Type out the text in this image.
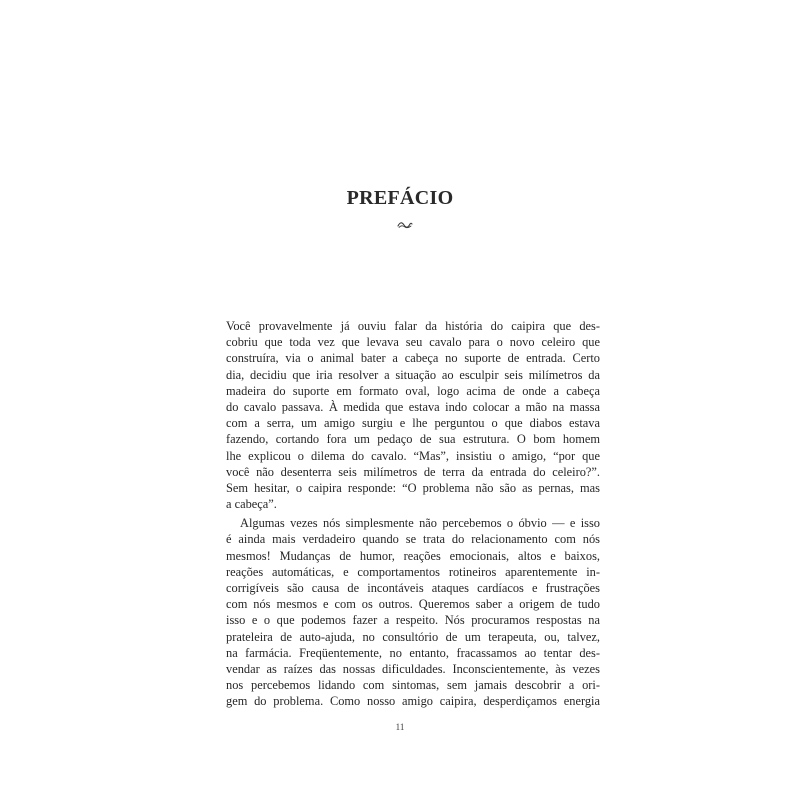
PREFÁCIO

Você provavelmente já ouviu falar da história do caipira que des-
cobriu que toda vez que levava seu cavalo para o novo celeiro que
construíra, via o animal bater a cabeça no suporte de entrada. Certo
dia, decidiu que iria resolver a situação ao esculpir seis milímetros da
madeira do suporte em formato oval, logo acima de onde a cabeça
do cavalo passava. À medida que estava indo colocar a mão na massa
com a serra, um amigo surgiu e lhe perguntou o que diabos estava
fazendo, cortando fora um pedaço de sua estrutura. O bom homem
lhe explicou o dilema do cavalo. “Mas”, insistiu o amigo, “por que
você não desenterra seis milímetros de terra da entrada do celeiro?”.
Sem hesitar, o caipira responde: “O problema não são as pernas, mas
a cabeça”.

Algumas vezes nós simplesmente não percebemos o óbvio — e isso
é ainda mais verdadeiro quando se trata do relacionamento com nós
mesmos! Mudanças de humor, reações emocionais, altos e baixos,
reações automáticas, e comportamentos rotineiros aparentemente in-
corrigíveis são causa de incontáveis ataques cardíacos e frustrações
com nós mesmos e com os outros. Queremos saber a origem de tudo
isso e o que podemos fazer a respeito. Nós procuramos respostas na
prateleira de auto-ajuda, no consultório de um terapeuta, ou, talvez,
na farmácia. Freqüentemente, no entanto, fracassamos ao tentar des-
vendar as raízes das nossas dificuldades. Inconscientemente, às vezes
nos percebemos lidando com sintomas, sem jamais descobrir a ori-
gem do problema. Como nosso amigo caipira, desperdiçamos energia

11
